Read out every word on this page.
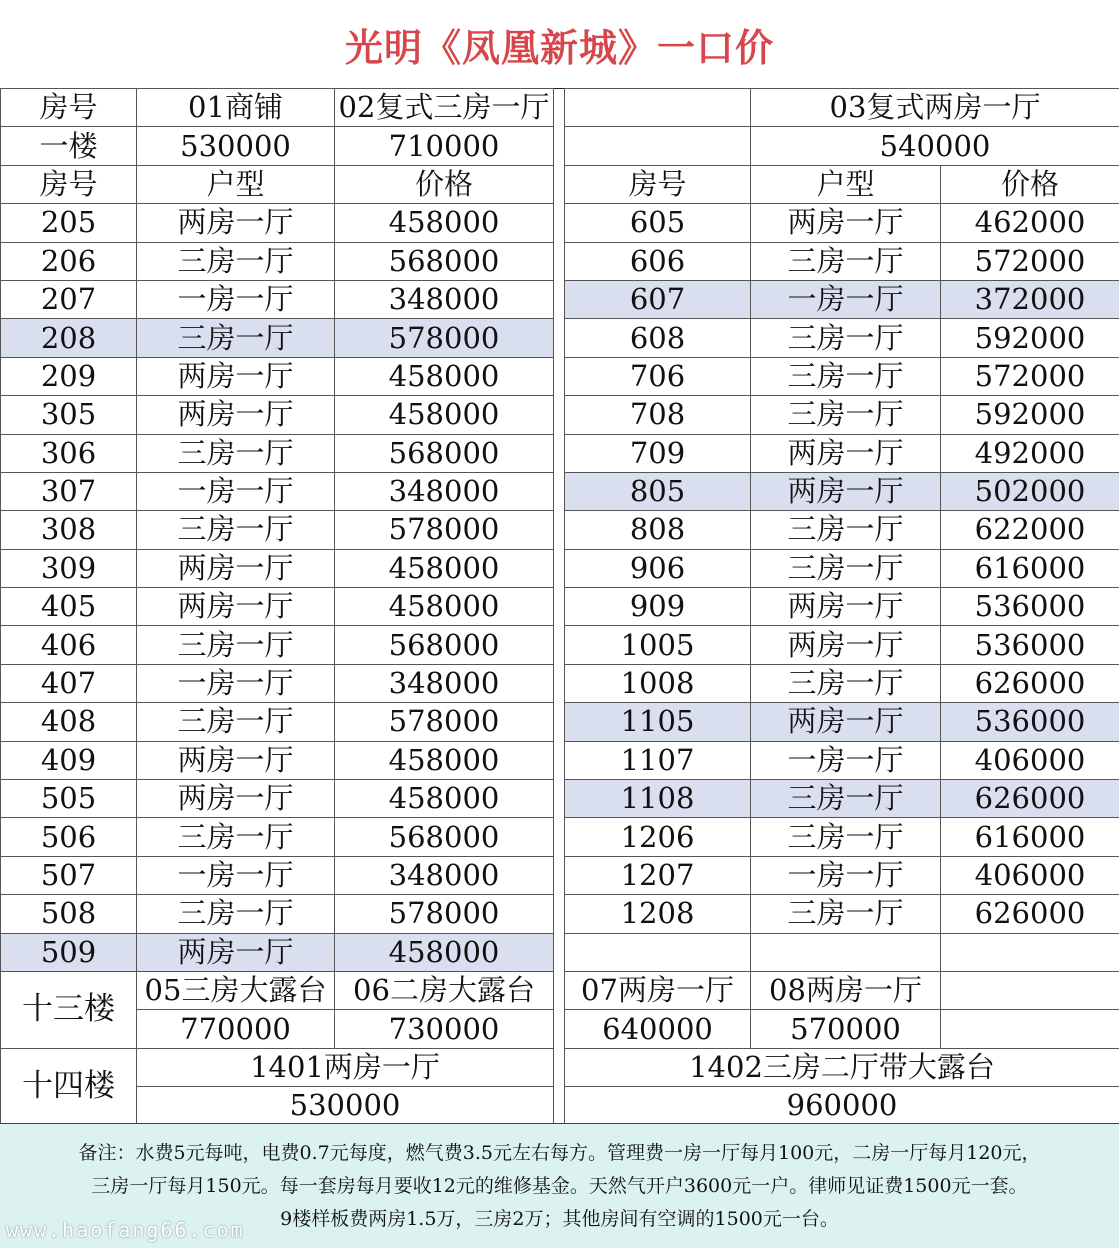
光明《凤凰新城》一口价
房号	01商铺	02复式三房一厅
一楼	530000	710000
房号	户型	价格
205	两房一厅	458000
206	三房一厅	568000
207	一房一厅	348000
208	三房一厅	578000
209	两房一厅	458000
305	两房一厅	458000
306	三房一厅	568000
307	一房一厅	348000
308	三房一厅	578000
309	两房一厅	458000
405	两房一厅	458000
406	三房一厅	568000
407	一房一厅	348000
408	三房一厅	578000
409	两房一厅	458000
505	两房一厅	458000
506	三房一厅	568000
507	一房一厅	348000
508	三房一厅	578000
509	两房一厅	458000
十三楼	05三房大露台	06二房大露台
	770000	730000
十四楼	1401两房一厅	
	530000	
	03复式两房一厅	
	540000	
房号	户型	价格
605	两房一厅	462000
606	三房一厅	572000
607	一房一厅	372000
608	三房一厅	592000
706	三房一厅	572000
708	三房一厅	592000
709	两房一厅	492000
805	两房一厅	502000
808	三房一厅	622000
906	三房一厅	616000
909	两房一厅	536000
1005	两房一厅	536000
1008	三房一厅	626000
1105	两房一厅	536000
1107	一房一厅	406000
1108	三房一厅	626000
1206	三房一厅	616000
1207	一房一厅	406000
1208	三房一厅	626000

07两房一厅	08两房一厅	
640000	570000	
1402三房二厅带大露台		
960000		
备注：水费5元每吨，电费0.7元每度，燃气费3.5元左右每方。管理费一房一厅每月100元，二房一厅每月120元，
三房一厅每月150元。每一套房每月要收12元的维修基金。天然气开户3600元一户。律师见证费1500元一套。
9楼样板费两房1.5万，三房2万；其他房间有空调的1500元一台。
www.haofang66.com
